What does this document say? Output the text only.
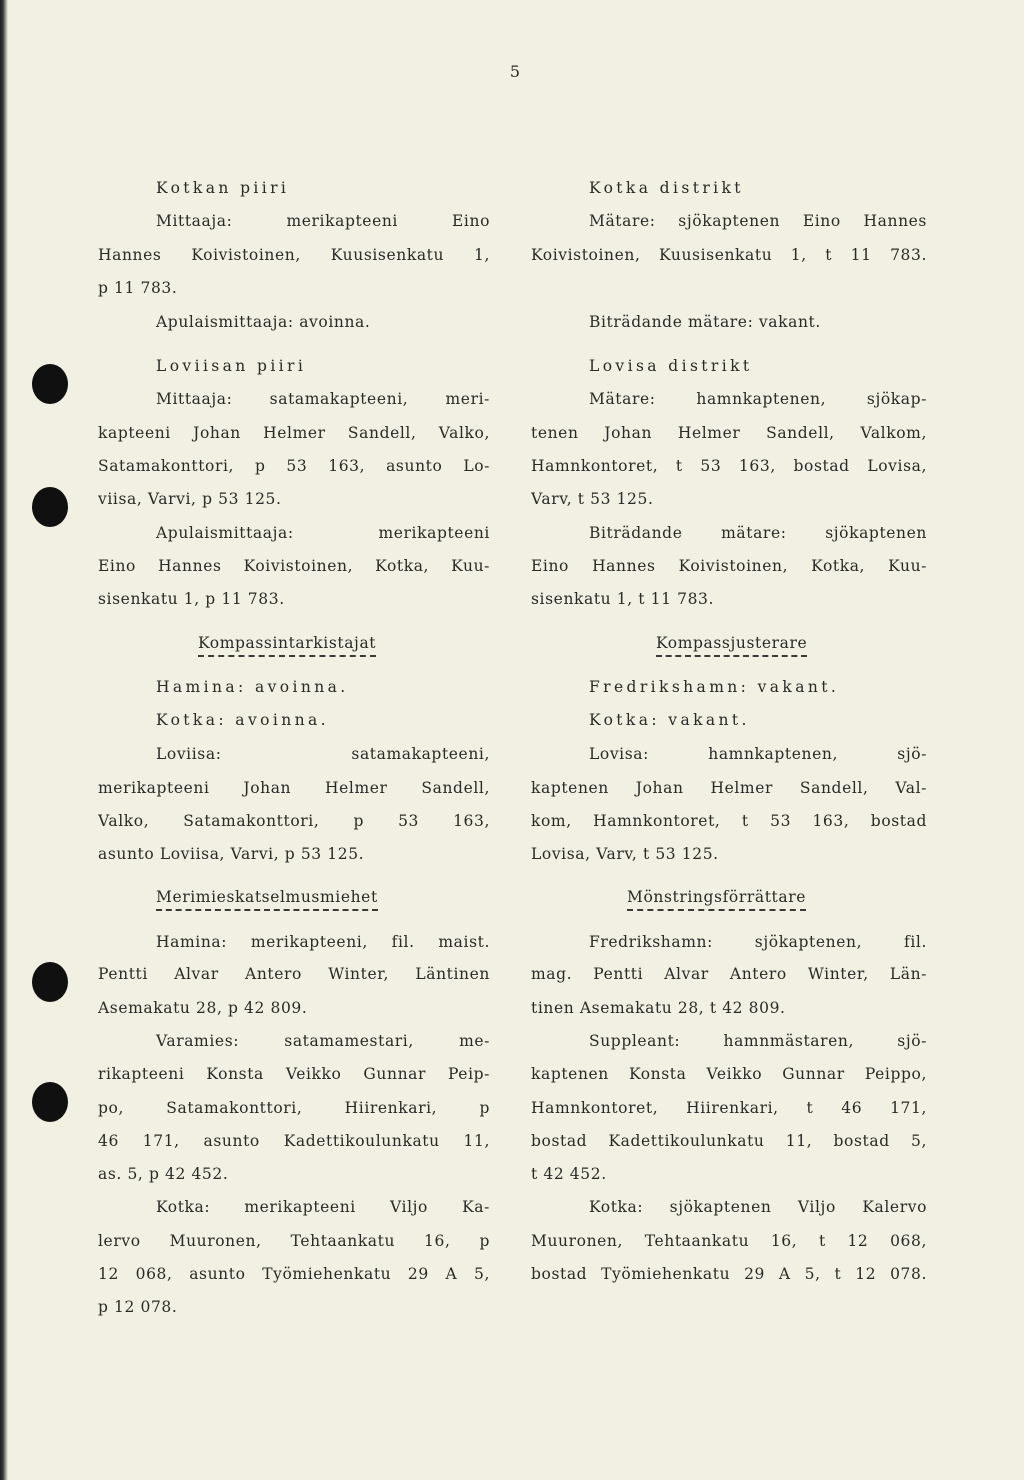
5
Kotkan piiri
Mittaaja: merikapteeni Eino
Hannes Koivistoinen, Kuusisenkatu 1,
p 11 783.
Apulaismittaaja: avoinna.
Loviisan piiri
Mittaaja: satamakapteeni, meri-
kapteeni Johan Helmer Sandell, Valko,
Satamakonttori, p 53 163, asunto Lo-
viisa, Varvi, p 53 125.
Apulaismittaaja: merikapteeni
Eino Hannes Koivistoinen, Kotka, Kuu-
sisenkatu 1, p 11 783.
Kompassintarkistajat
Hamina: avoinna.
Kotka: avoinna.
Loviisa: satamakapteeni,
merikapteeni Johan Helmer Sandell,
Valko, Satamakonttori, p 53 163,
asunto Loviisa, Varvi, p 53 125.
Merimieskatselmusmiehet
Hamina: merikapteeni, fil. maist.
Pentti Alvar Antero Winter, Läntinen
Asemakatu 28, p 42 809.
Varamies: satamamestari, me-
rikapteeni Konsta Veikko Gunnar Peip-
po, Satamakonttori, Hiirenkari, p
46 171, asunto Kadettikoulunkatu 11,
as. 5, p 42 452.
Kotka: merikapteeni Viljo Ka-
lervo Muuronen, Tehtaankatu 16, p
12 068, asunto Työmiehenkatu 29 A 5,
p 12 078.
Kotka distrikt
Mätare: sjökaptenen Eino Hannes
Koivistoinen, Kuusisenkatu 1, t 11 783.
Biträdande mätare: vakant.
Lovisa distrikt
Mätare: hamnkaptenen, sjökap-
tenen Johan Helmer Sandell, Valkom,
Hamnkontoret, t 53 163, bostad Lovisa,
Varv, t 53 125.
Biträdande mätare: sjökaptenen
Eino Hannes Koivistoinen, Kotka, Kuu-
sisenkatu 1, t 11 783.
Kompassjusterare
Fredrikshamn: vakant.
Kotka: vakant.
Lovisa: hamnkaptenen, sjö-
kaptenen Johan Helmer Sandell, Val-
kom, Hamnkontoret, t 53 163, bostad
Lovisa, Varv, t 53 125.
Mönstringsförrättare
Fredrikshamn: sjökaptenen, fil.
mag. Pentti Alvar Antero Winter, Län-
tinen Asemakatu 28, t 42 809.
Suppleant: hamnmästaren, sjö-
kaptenen Konsta Veikko Gunnar Peippo,
Hamnkontoret, Hiirenkari, t 46 171,
bostad Kadettikoulunkatu 11, bostad 5,
t 42 452.
Kotka: sjökaptenen Viljo Kalervo
Muuronen, Tehtaankatu 16, t 12 068,
bostad Työmiehenkatu 29 A 5, t 12 078.
